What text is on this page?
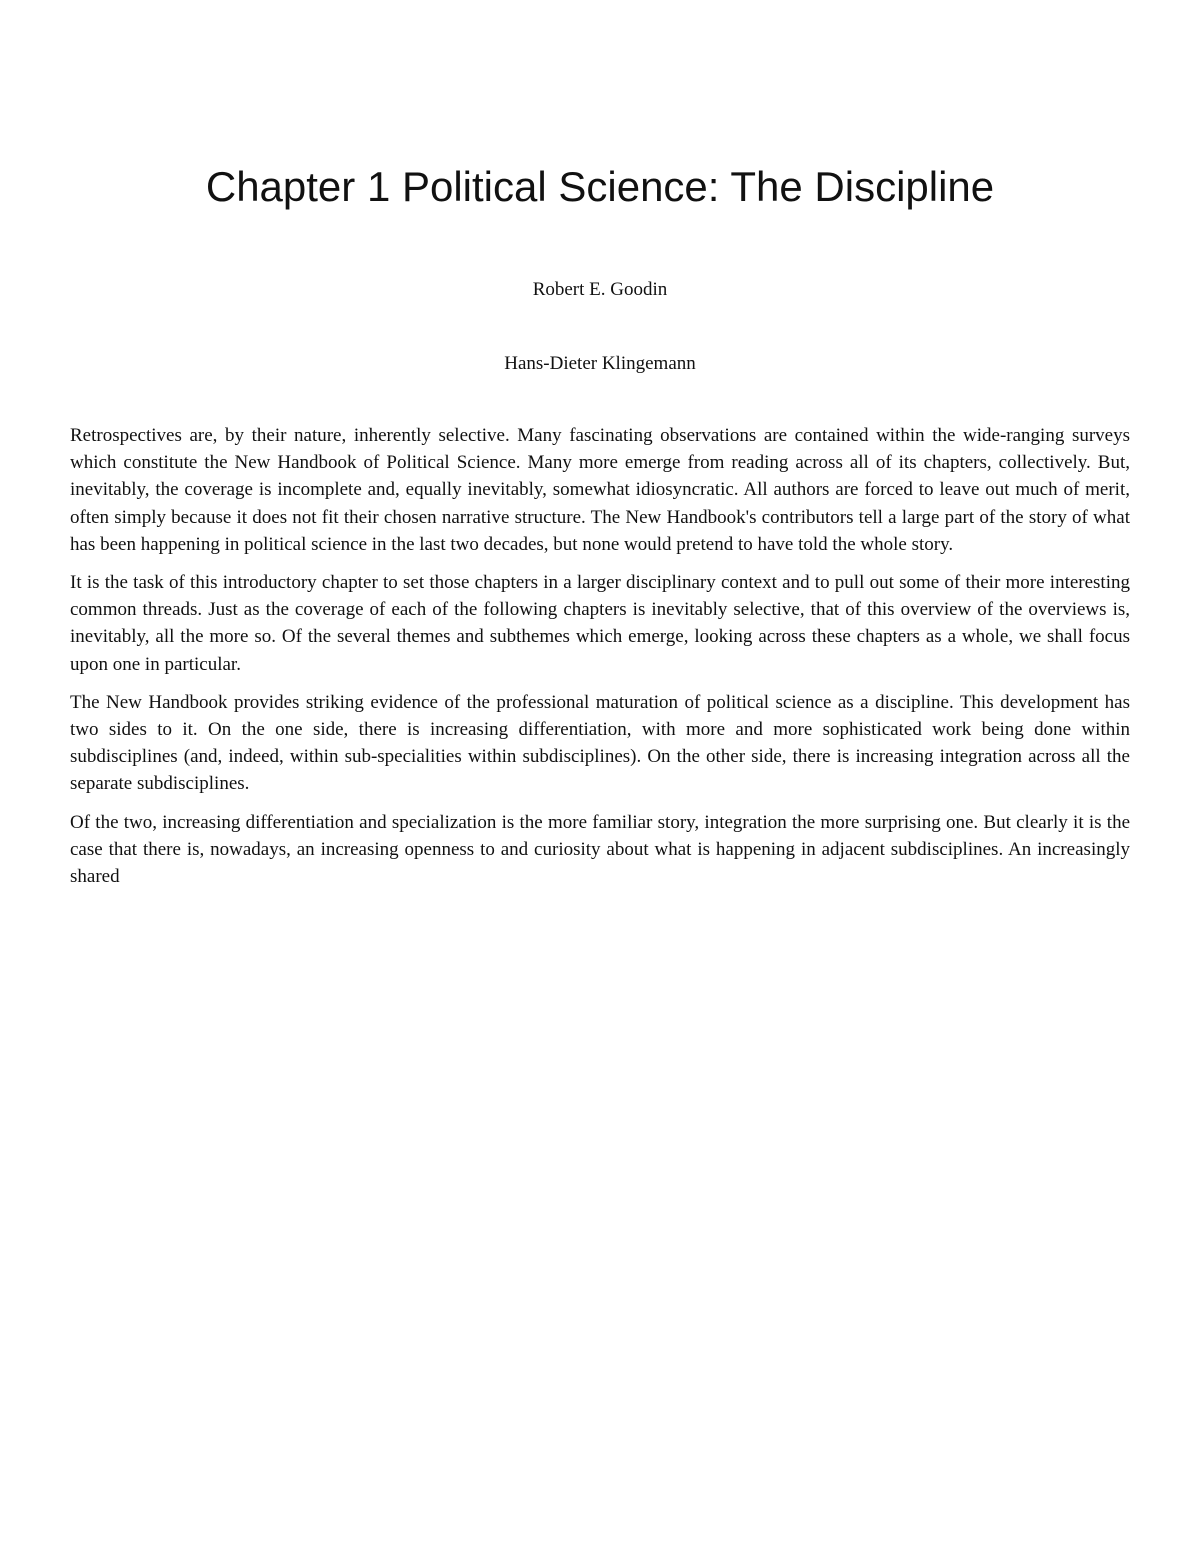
Chapter 1 Political Science: The Discipline

Robert E. Goodin

Hans-Dieter Klingemann

Retrospectives are, by their nature, inherently selective. Many fascinating observations are contained within the wide-ranging surveys which constitute the New Handbook of Political Science. Many more emerge from reading across all of its chapters, collectively. But, inevitably, the coverage is incomplete and, equally inevitably, somewhat idiosyncratic. All authors are forced to leave out much of merit, often simply because it does not fit their chosen narrative structure. The New Handbook's contributors tell a large part of the story of what has been happening in political science in the last two decades, but none would pretend to have told the whole story.

It is the task of this introductory chapter to set those chapters in a larger disciplinary context and to pull out some of their more interesting common threads. Just as the coverage of each of the following chapters is inevitably selective, that of this overview of the overviews is, inevitably, all the more so. Of the several themes and subthemes which emerge, looking across these chapters as a whole, we shall focus upon one in particular.

The New Handbook provides striking evidence of the professional maturation of political science as a discipline. This development has two sides to it. On the one side, there is increasing differentiation, with more and more sophisticated work being done within subdisciplines (and, indeed, within sub-specialities within subdisciplines). On the other side, there is increasing integration across all the separate subdisciplines.

Of the two, increasing differentiation and specialization is the more familiar story, integration the more surprising one. But clearly it is the case that there is, nowadays, an increasing openness to and curiosity about what is happening in adjacent subdisciplines. An increasingly shared
